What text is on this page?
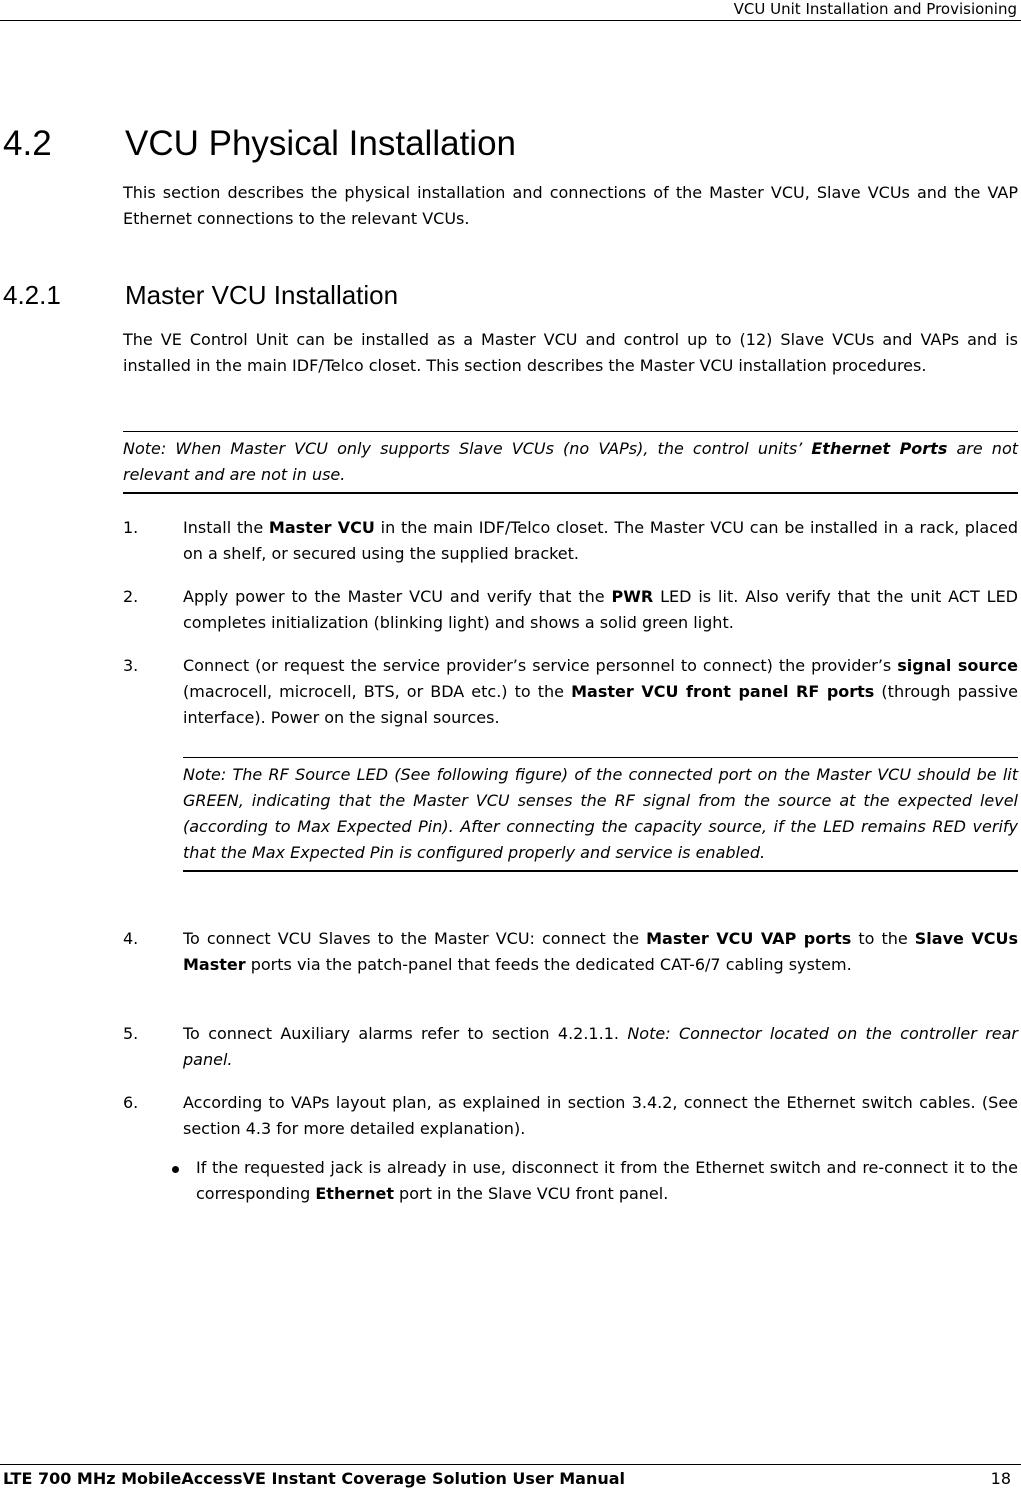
VCU Unit Installation and Provisioning
4.2 VCU Physical Installation

This section describes the physical installation and connections of the Master VCU, Slave VCUs and the VAP Ethernet connections to the relevant VCUs.

4.2.1 Master VCU Installation

The VE Control Unit can be installed as a Master VCU and control up to (12) Slave VCUs and VAPs and is installed in the main IDF/Telco closet. This section describes the Master VCU installation procedures.

Note: When Master VCU only supports Slave VCUs (no VAPs), the control units’ Ethernet Ports are not relevant and are not in use.
1.	Install the Master VCU in the main IDF/Telco closet. The Master VCU can be installed in a rack, placed on a shelf, or secured using the supplied bracket.
2.	Apply power to the Master VCU and verify that the PWR LED is lit. Also verify that the unit ACT LED completes initialization (blinking light) and shows a solid green light.
3.	Connect (or request the service provider’s service personnel to connect) the provider’s signal source (macrocell, microcell, BTS, or BDA etc.) to the Master VCU front panel RF ports (through passive interface). Power on the signal sources.
Note: The RF Source LED (See following figure) of the connected port on the Master VCU should be lit GREEN, indicating that the Master VCU senses the RF signal from the source at the expected level (according to Max Expected Pin). After connecting the capacity source, if the LED remains RED verify that the Max Expected Pin is configured properly and service is enabled.
4.	To connect VCU Slaves to the Master VCU: connect the Master VCU VAP ports to the Slave VCUs Master ports via the patch-panel that feeds the dedicated CAT-6/7 cabling system.
5.	To connect Auxiliary alarms refer to section 4.2.1.1. Note: Connector located on the controller rear panel.
6.	According to VAPs layout plan, as explained in section 3.4.2, connect the Ethernet switch cables. (See section 4.3 for more detailed explanation).
If the requested jack is already in use, disconnect it from the Ethernet switch and re-connect it to the corresponding Ethernet port in the Slave VCU front panel.
LTE 700 MHz MobileAccessVE Instant Coverage Solution User Manual	18
